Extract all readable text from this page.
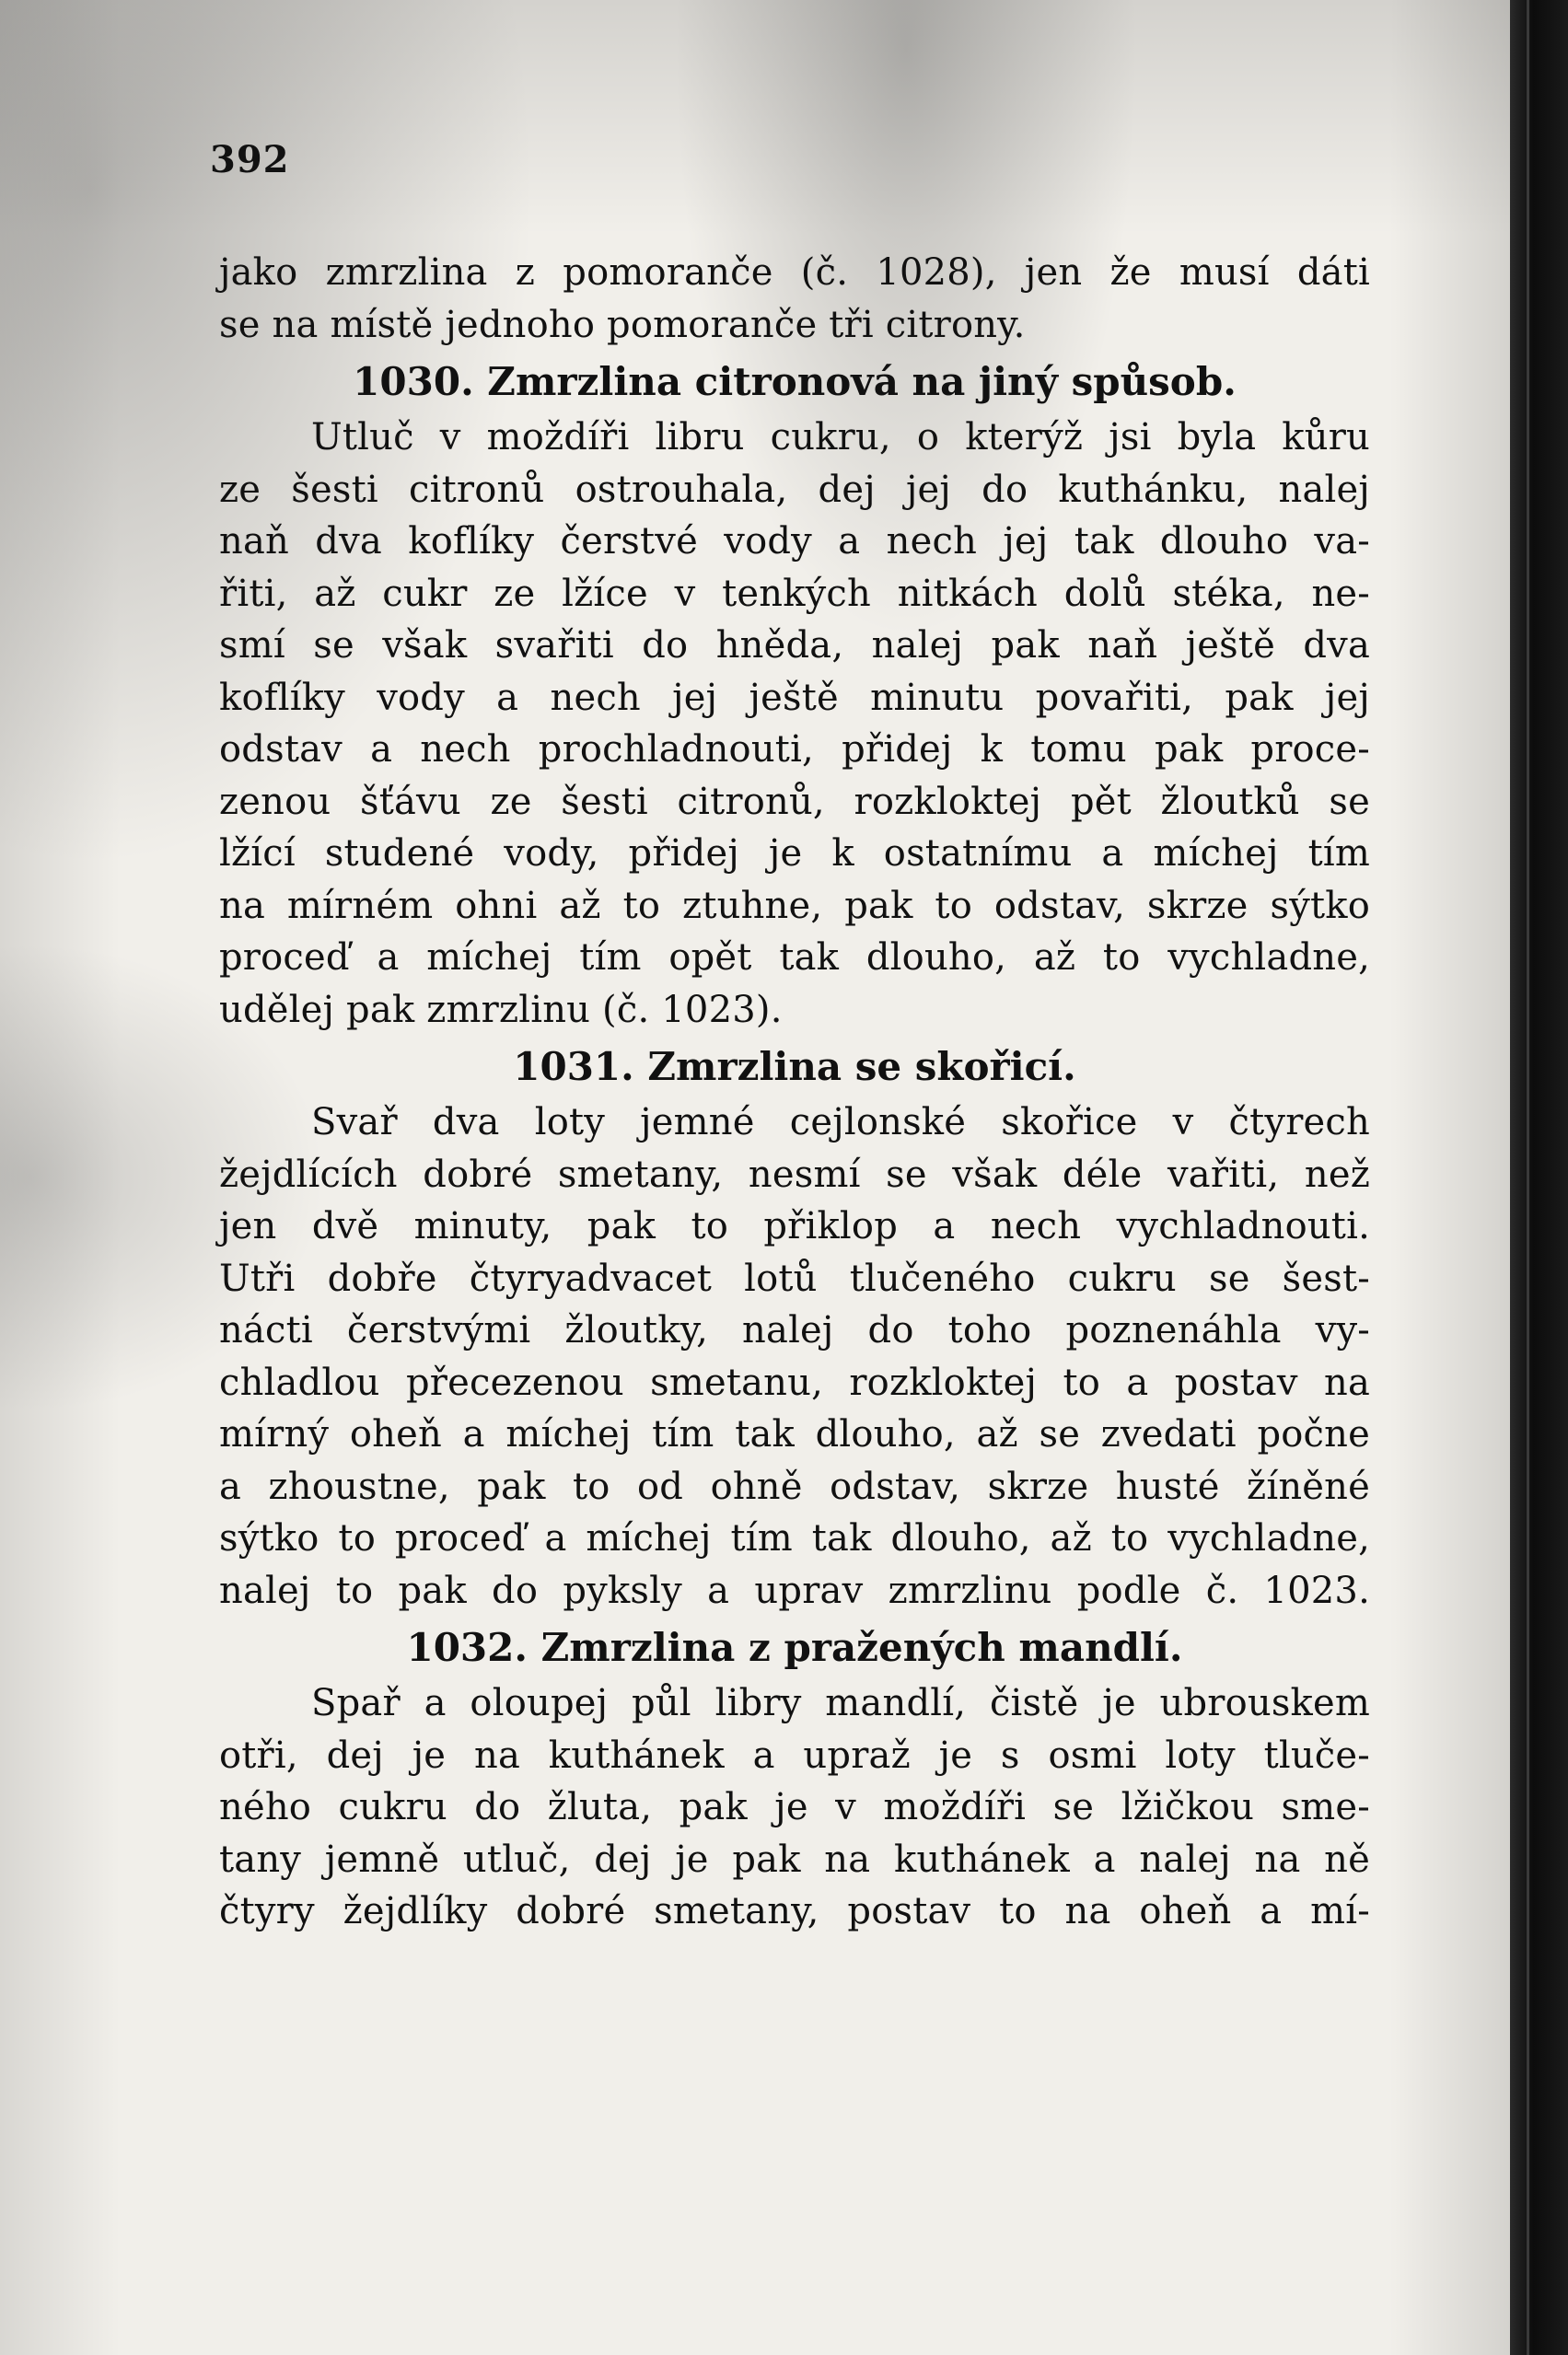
392
jako zmrzlina z pomoranče (č. 1028), jen že musí dáti
se na místě jednoho pomoranče tři citrony.
1030. Zmrzlina citronová na jiný spůsob.
Utluč v moždíři libru cukru, o kterýž jsi byla kůru
ze šesti citronů ostrouhala, dej jej do kuthánku, nalej
naň dva koflíky čerstvé vody a nech jej tak dlouho va-
řiti, až cukr ze lžíce v tenkých nitkách dolů stéka, ne-
smí se však svařiti do hněda, nalej pak naň ještě dva
koflíky vody a nech jej ještě minutu povařiti, pak jej
odstav a nech prochladnouti, přidej k tomu pak proce-
zenou šťávu ze šesti citronů, rozkloktej pět žloutků se
lžící studené vody, přidej je k ostatnímu a míchej tím
na mírném ohni až to ztuhne, pak to odstav, skrze sýtko
proceď a míchej tím opět tak dlouho, až to vychladne,
udělej pak zmrzlinu (č. 1023).
1031. Zmrzlina se skořicí.
Svař dva loty jemné cejlonské skořice v čtyrech
žejdlících dobré smetany, nesmí se však déle vařiti, než
jen dvě minuty, pak to přiklop a nech vychladnouti.
Utři dobře čtyryadvacet lotů tlučeného cukru se šest-
nácti čerstvými žloutky, nalej do toho poznenáhla vy-
chladlou přecezenou smetanu, rozkloktej to a postav na
mírný oheň a míchej tím tak dlouho, až se zvedati počne
a zhoustne, pak to od ohně odstav, skrze husté žíněné
sýtko to proceď a míchej tím tak dlouho, až to vychladne,
nalej to pak do pyksly a uprav zmrzlinu podle č. 1023.
1032. Zmrzlina z pražených mandlí.
Spař a oloupej půl libry mandlí, čistě je ubrouskem
otři, dej je na kuthánek a upraž je s osmi loty tluče-
ného cukru do žluta, pak je v moždíři se lžičkou sme-
tany jemně utluč, dej je pak na kuthánek a nalej na ně
čtyry žejdlíky dobré smetany, postav to na oheň a mí-
